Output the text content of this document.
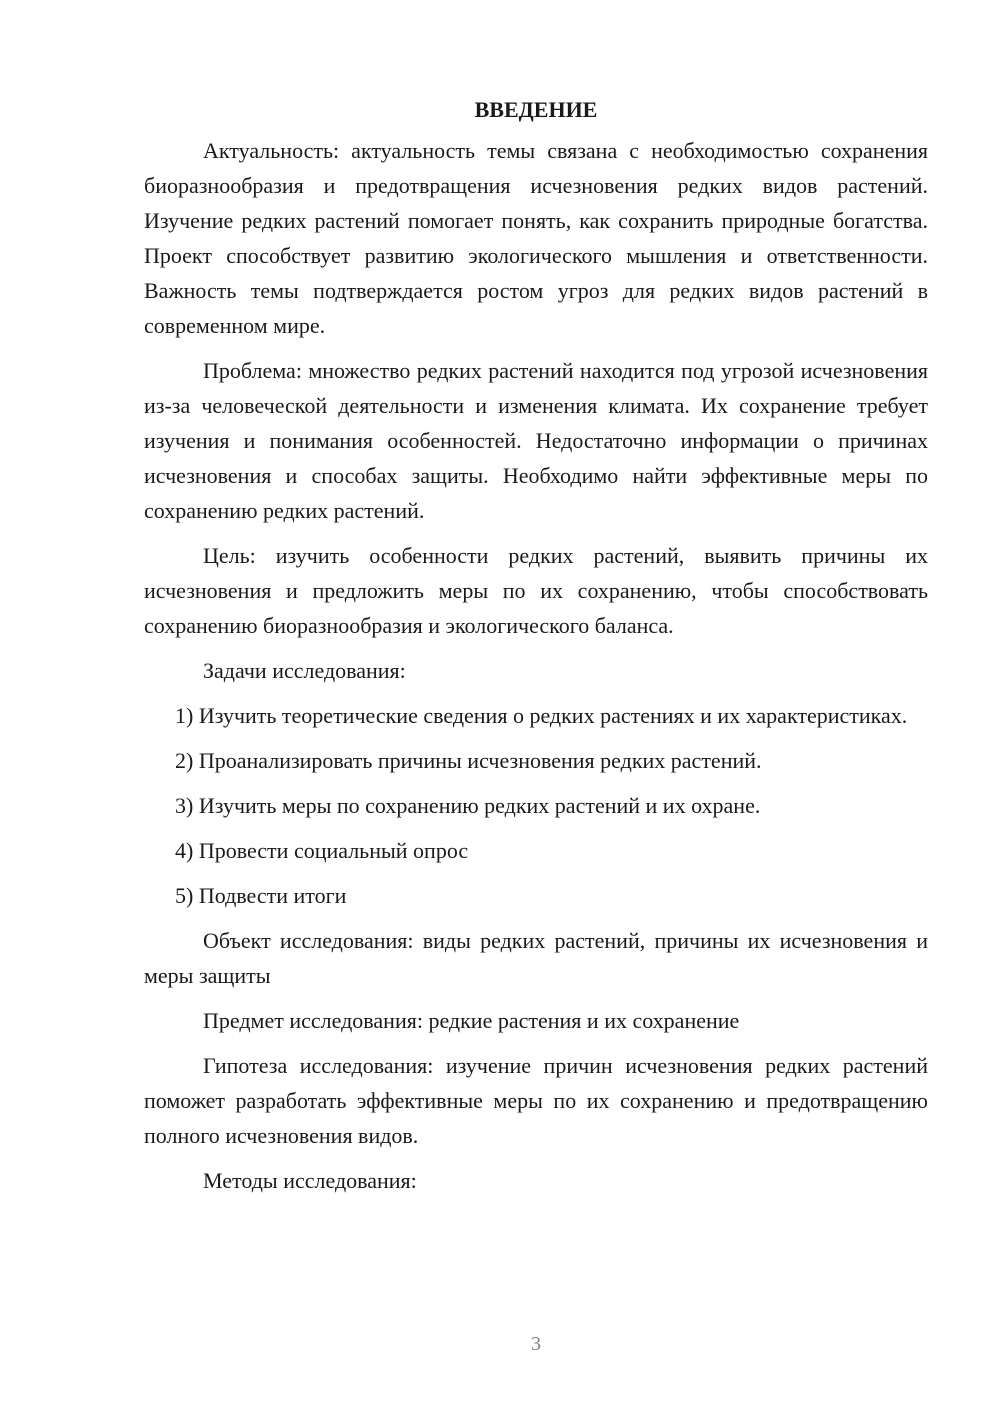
ВВЕДЕНИЕ

Актуальность: актуальность темы связана с необходимостью сохранения биоразнообразия и предотвращения исчезновения редких видов растений. Изучение редких растений помогает понять, как сохранить природные богатства. Проект способствует развитию экологического мышления и ответственности. Важность темы подтверждается ростом угроз для редких видов растений в современном мире.

Проблема: множество редких растений находится под угрозой исчезновения из-за человеческой деятельности и изменения климата. Их сохранение требует изучения и понимания особенностей. Недостаточно информации о причинах исчезновения и способах защиты. Необходимо найти эффективные меры по сохранению редких растений.

Цель: изучить особенности редких растений, выявить причины их исчезновения и предложить меры по их сохранению, чтобы способствовать сохранению биоразнообразия и экологического баланса.

Задачи исследования:

1) Изучить теоретические сведения о редких растениях и их характеристиках.

2) Проанализировать причины исчезновения редких растений.

3) Изучить меры по сохранению редких растений и их охране.

4) Провести социальный опрос

5) Подвести итоги

Объект исследования: виды редких растений, причины их исчезновения и меры защиты

Предмет исследования: редкие растения и их сохранение

Гипотеза исследования: изучение причин исчезновения редких растений поможет разработать эффективные меры по их сохранению и предотвращению полного исчезновения видов.

Методы исследования:

3
